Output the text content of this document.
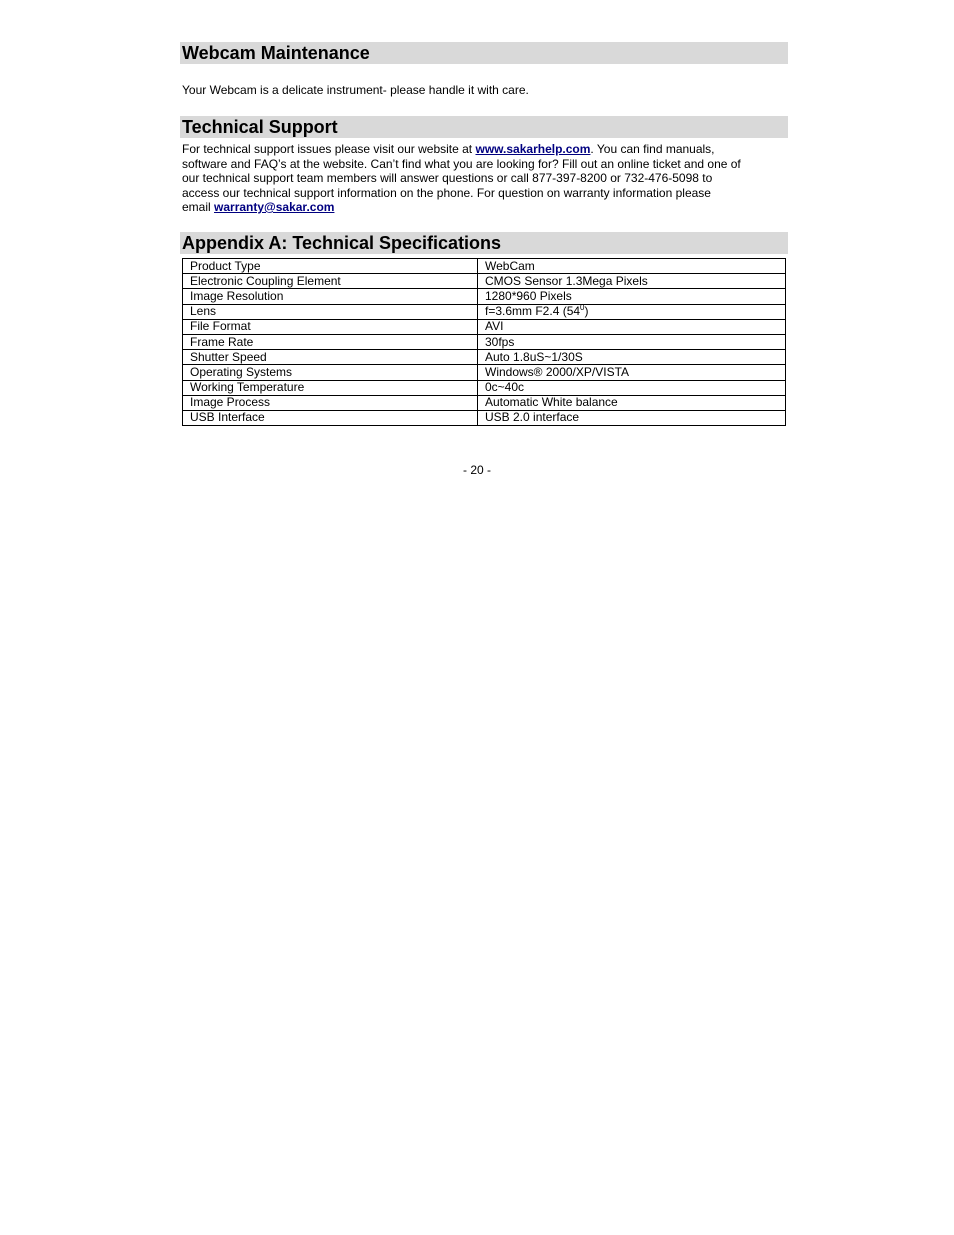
Webcam Maintenance

Your Webcam is a delicate instrument- please handle it with care.

Technical Support

For technical support issues please visit our website at www.sakarhelp.com. You can find manuals, software and FAQ’s at the website. Can’t find what you are looking for? Fill out an online ticket and one of our technical support team members will answer questions or call 877-397-8200 or 732-476-5098 to access our technical support information on the phone. For question on warranty information please email warranty@sakar.com

Appendix A: Technical Specifications
Product Type	WebCam
Electronic Coupling Element	CMOS Sensor 1.3Mega Pixels
Image Resolution	1280*960 Pixels
Lens	f=3.6mm F2.4 $(54^0)$
File Format	AVI
Frame Rate	30fps
Shutter Speed	Auto 1.8uS~1/30S
Operating Systems	Windows® 2000/XP/VISTA
Working Temperature	0c~40c
Image Process	Automatic White balance
USB Interface	USB 2.0 interface
- 20 -
